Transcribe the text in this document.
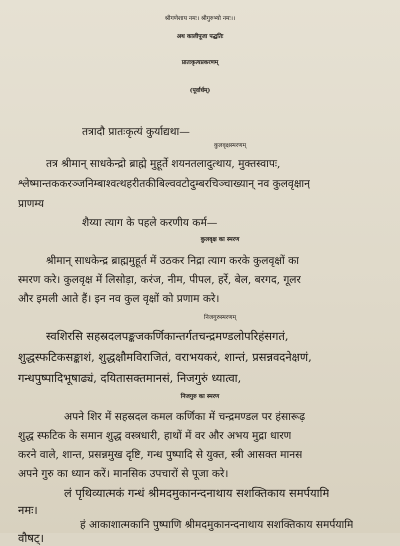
श्रीगणेशाय नमः। श्रीगुरुभ्यो नमः।।
अथ कालीपूजा पद्धतिः
प्रातःकृत्यप्रकरणम्
(पूर्वार्धम्)
तत्रादौ प्रातःकृत्यं कुर्याद्यथा—
कुलवृक्षस्मरणम्
तत्र श्रीमान् साधकेन्द्रो ब्राह्मे मुहूर्ते शयनतलादुत्थाय, मुक्तस्वापः,
श्लेष्मान्तककरञ्जनिम्बाश्वत्थहरीतकीबिल्ववटोदुम्बरचिञ्चाख्यान् नव कुलवृक्षान्
प्राणम्य
शैय्या त्याग के पहले करणीय कर्म—
कुलवृक्ष का स्मरण
श्रीमान् साधकेन्द्र ब्राह्ममुहूर्त में उठकर निद्रा त्याग करके कुलवृक्षों का
स्मरण करे। कुलवृक्ष में लिसोड़ा, करंज, नीम, पीपल, हर्रे, बेल, बरगद, गूलर
और इमली आते हैं। इन नव कुल वृक्षों को प्रणाम करे।
निजगुरुस्मरणम्
स्वशिरसि सहस्रदलपङ्कजकर्णिकान्तर्गतचन्द्रमण्डलोपरिहंसगतं,
शुद्धस्फटिकसङ्काशं, शुद्धक्षौमविराजितं, वराभयकरं, शान्तं, प्रसन्नवदनेक्षणं,
गन्धपुष्पादिभूषाढ्यं, दयितासक्तमानसं, निजगुरुं ध्यात्वा,
निजगुरु का स्मरण
अपने शिर में सहस्रदल कमल कर्णिका में चन्द्रमण्डल पर हंसारूढ़
शुद्ध स्फटिक के समान शुद्ध वस्त्रधारी, हाथों में वर और अभय मुद्रा धारण
करने वाले, शान्त, प्रसन्नमुख दृष्टि, गन्ध पुष्पादि से युक्त, स्त्री आसक्त मानस
अपने गुरु का ध्यान करें। मानसिक उपचारों से पूजा करे।
लं पृथिव्यात्मकं गन्धं श्रीमदमुकानन्दनाथाय सशक्तिकाय समर्पयामि
नमः।
हं आकाशात्मकानि पुष्पाणि श्रीमदमुकानन्दनाथाय सशक्तिकाय समर्पयामि
वौषट्।
